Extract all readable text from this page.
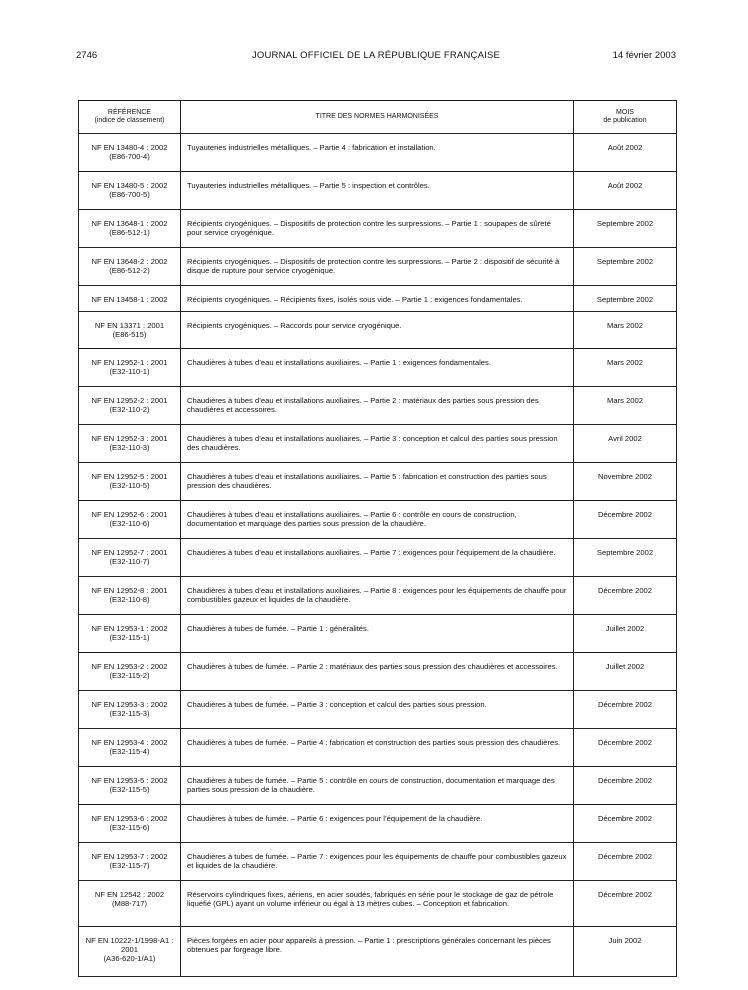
2746	JOURNAL OFFICIEL DE LA RÉPUBLIQUE FRANÇAISE	14 février 2003
RÉFÉRENCE
(indice de classement)	TITRE DES NORMES HARMONISÉES	MOIS
de publication

NF EN 13480-4 : 2002
(E86-700-4)	Tuyauteries industrielles métalliques. – Partie 4 : fabrication et installation.	Août 2002

NF EN 13480-5 : 2002
(E86-700-5)	Tuyauteries industrielles métalliques. – Partie 5 : inspection et contrôles.	Août 2002

NF EN 13648-1 : 2002
(E86-512-1)	Récipients cryogéniques. – Dispositifs de protection contre les surpressions. – Partie 1 : soupapes de sûreté pour service cryogénique.	Septembre 2002

NF EN 13648-2 : 2002
(E86-512-2)	Récipients cryogéniques. – Dispositifs de protection contre les surpressions. – Partie 2 : dispositif de sécurité à disque de rupture pour service cryogénique.	Septembre 2002

NF EN 13458-1 : 2002	Récipients cryogéniques. – Récipients fixes, isolés sous vide. – Partie 1 : exigences fondamentales.	Septembre 2002

NF EN 13371 : 2001
(E86-515)	Récipients cryogéniques. – Raccords pour service cryogénique.	Mars 2002

NF EN 12952-1 : 2001
(E32-110-1)	Chaudières à tubes d’eau et installations auxiliaires. – Partie 1 : exigences fondamentales.	Mars 2002

NF EN 12952-2 : 2001
(E32-110-2)	Chaudières à tubes d’eau et installations auxiliaires. – Partie 2 : matériaux des parties sous pression des chaudières et accessoires.	Mars 2002

NF EN 12952-3 : 2001
(E32-110-3)	Chaudières à tubes d’eau et installations auxiliaires. – Partie 3 : conception et calcul des parties sous pression des chaudières.	Avril 2002

NF EN 12952-5 : 2001
(E32-110-5)	Chaudières à tubes d’eau et installations auxiliaires. – Partie 5 : fabrication et construction des parties sous pression des chaudières.	Novembre 2002

NF EN 12952-6 : 2001
(E32-110-6)	Chaudières à tubes d’eau et installations auxiliaires. – Partie 6 : contrôle en cours de construction, documentation et marquage des parties sous pression de la chaudière.	Décembre 2002

NF EN 12952-7 : 2001
(E32-110-7)	Chaudières à tubes d’eau et installations auxiliaires. – Partie 7 : exigences pour l’équipement de la chaudière.	Septembre 2002

NF EN 12952-8 : 2001
(E32-110-8)	Chaudières à tubes d’eau et installations auxiliaires. – Partie 8 : exigences pour les équipements de chauffe pour combustibles gazeux et liquides de la chaudière.	Décembre 2002

NF EN 12953-1 : 2002
(E32-115-1)	Chaudières à tubes de fumée. – Partie 1 : généralités.	Juillet 2002

NF EN 12953-2 : 2002
(E32-115-2)	Chaudières à tubes de fumée. – Partie 2 : matériaux des parties sous pression des chaudières et accessoires.	Juillet 2002

NF EN 12953-3 : 2002
(E32-115-3)	Chaudières à tubes de fumée. – Partie 3 : conception et calcul des parties sous pression.	Décembre 2002

NF EN 12953-4 : 2002
(E32-115-4)	Chaudières à tubes de fumée. – Partie 4 : fabrication et construction des parties sous pression des chaudières.	Décembre 2002

NF EN 12953-5 : 2002
(E32-115-5)	Chaudières à tubes de fumée. – Partie 5 : contrôle en cours de construction, documentation et marquage des parties sous pression de la chaudière.	Décembre 2002

NF EN 12953-6 : 2002
(E32-115-6)	Chaudières à tubes de fumée. – Partie 6 : exigences pour l’équipement de la chaudière.	Décembre 2002

NF EN 12953-7 : 2002
(E32-115-7)	Chaudières à tubes de fumée. – Partie 7 : exigences pour les équipements de chauffe pour combustibles gazeux et liquides de la chaudière.	Décembre 2002

NF EN 12542 : 2002
(M88-717)	Réservoirs cylindriques fixes, aériens, en acier soudés, fabriqués en série pour le stockage de gaz de pétrole liquéfié (GPL) ayant un volume inférieur ou égal à 13 mètres cubes. – Conception et fabrication.	Décembre 2002

NF EN 10222-1/1998-A1 : 2001
(A36-620-1/A1)	Pièces forgées en acier pour appareils à pression. – Partie 1 : prescriptions générales concernant les pièces obtenues par forgeage libre.	Juin 2002
